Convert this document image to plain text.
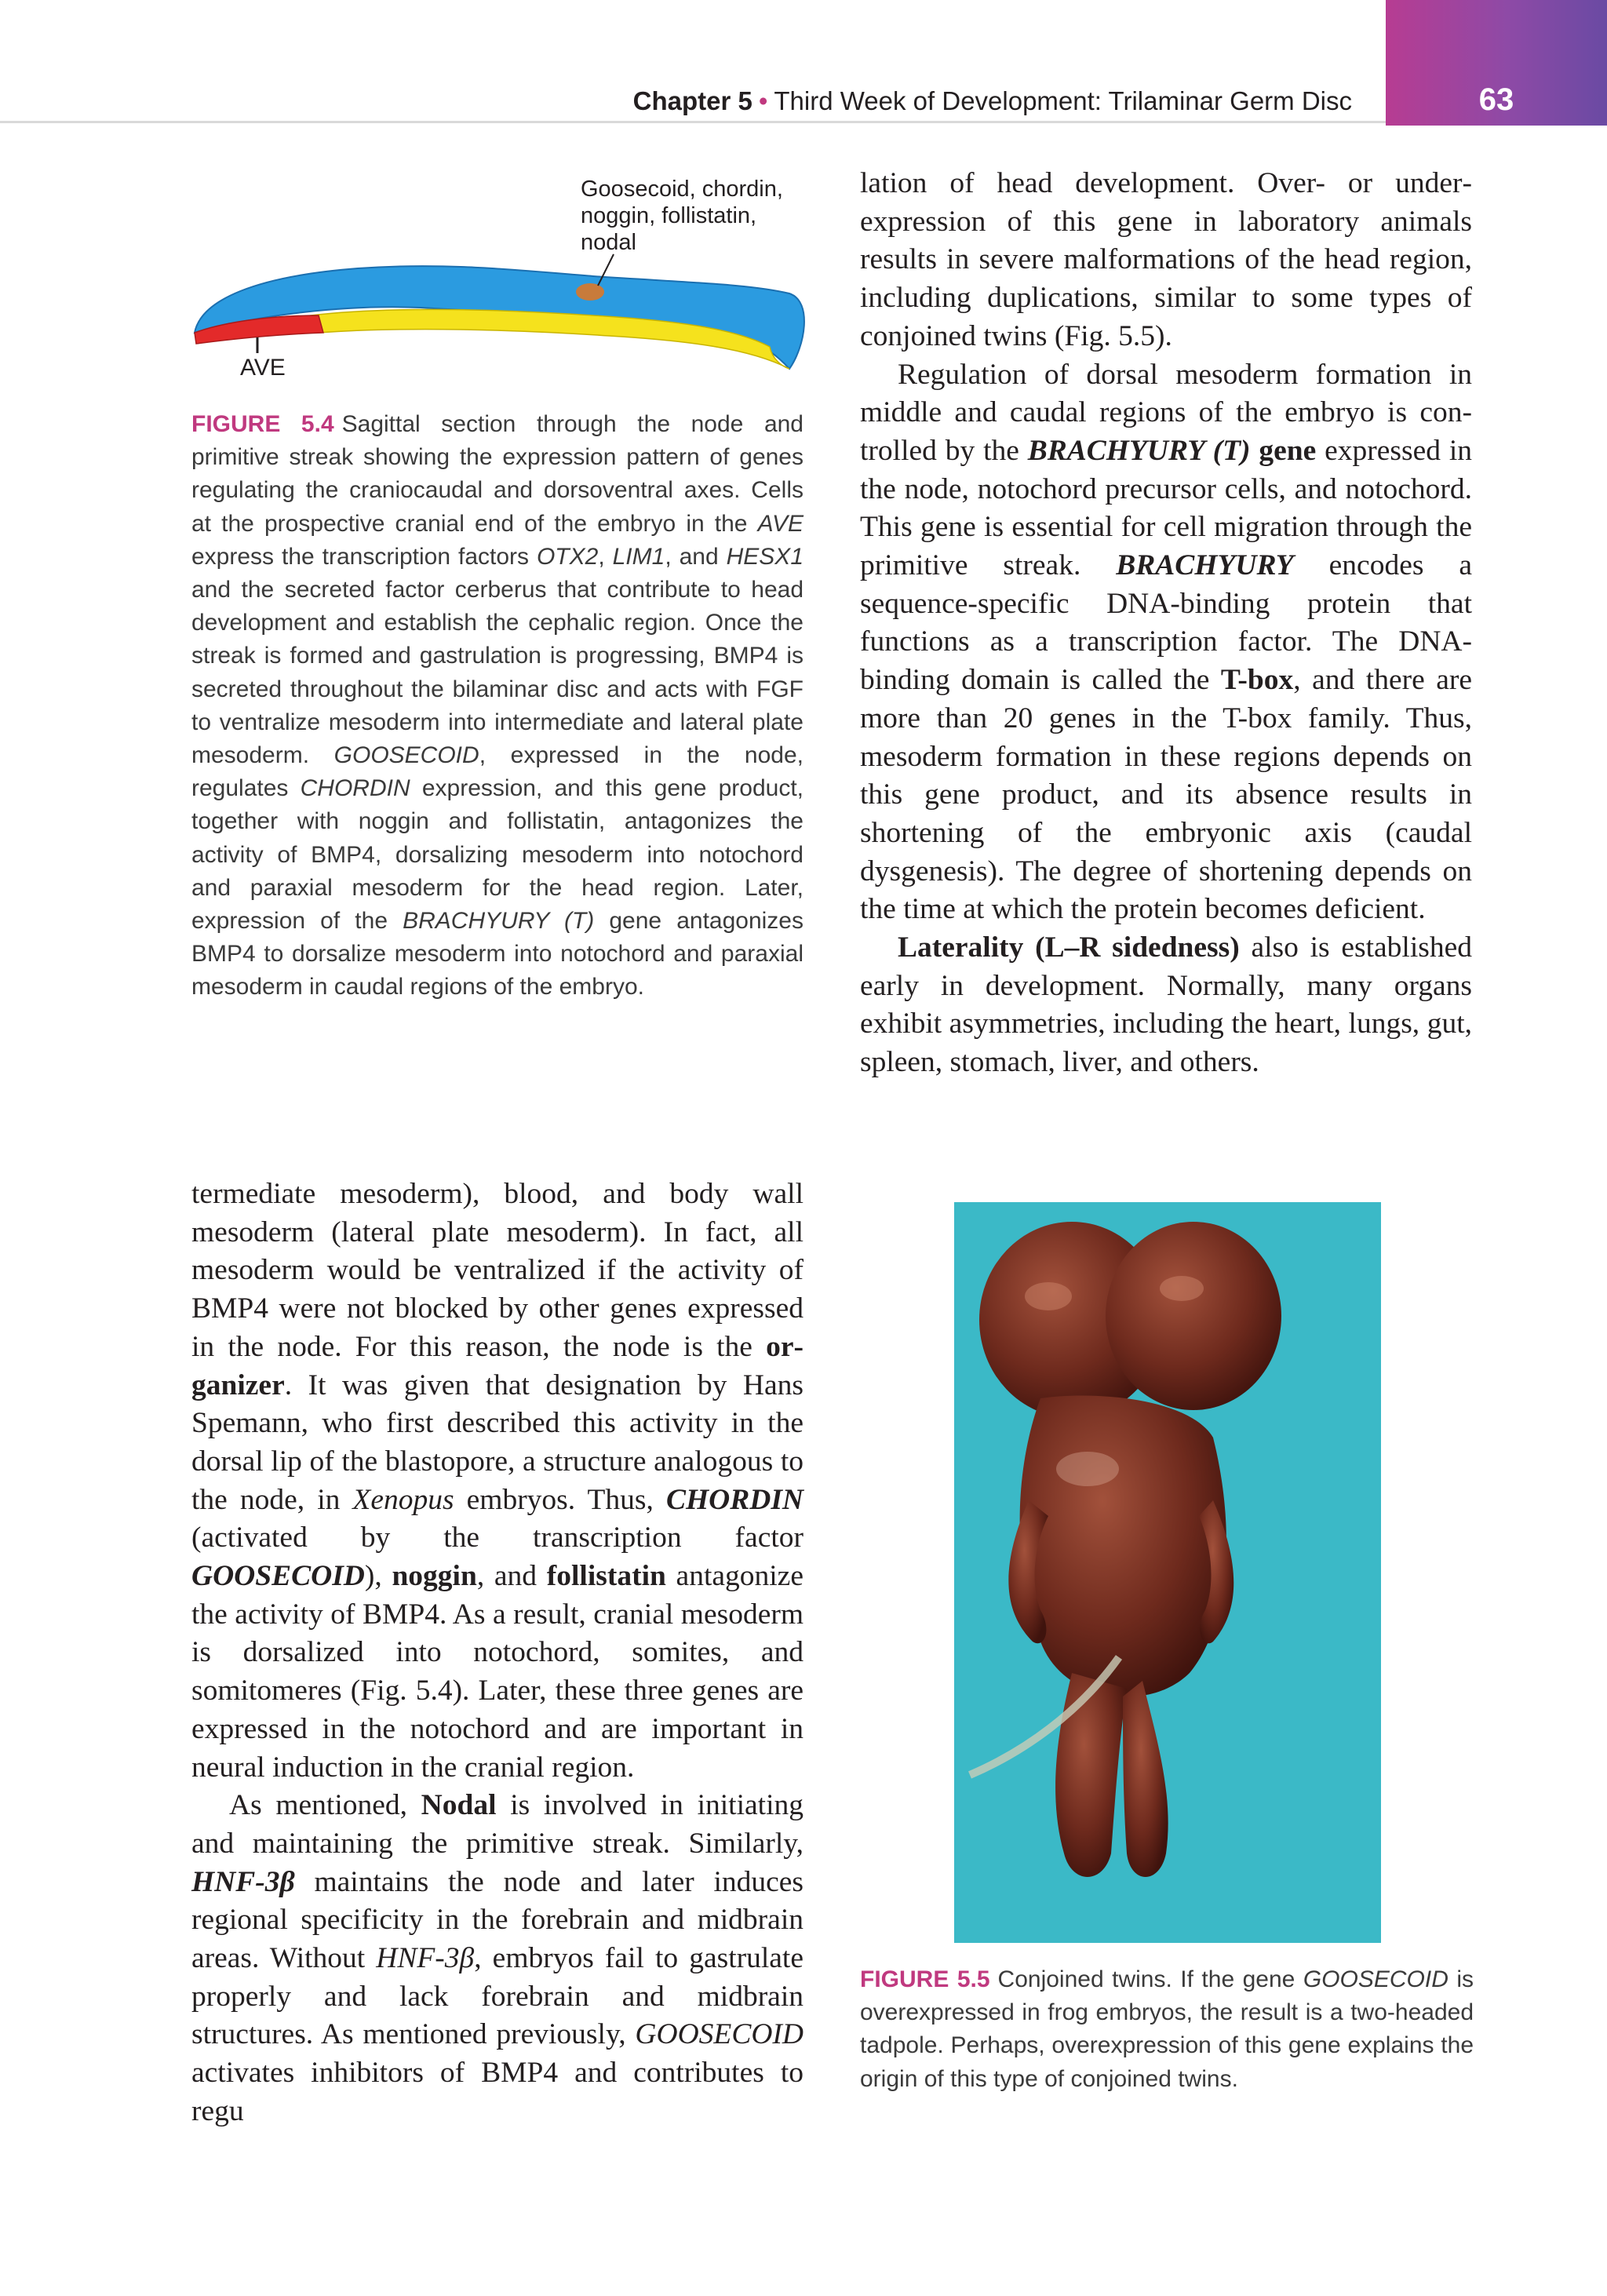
Chapter 5 • Third Week of Development: Trilaminar Germ Disc	63
Goosecoid, chordin, noggin, follistatin, nodal
AVE
FIGURE 5.4 Sagittal section through the node and primitive streak showing the expression pattern of genes regulating the craniocaudal and dorsoventral axes. Cells at the prospective cranial end of the embryo in the AVE express the transcription factors OTX2, LIM1, and HESX1 and the secreted factor cerberus that contribute to head development and establish the cephalic region. Once the streak is formed and gastrulation is progressing, BMP4 is secreted throughout the bilaminar disc and acts with FGF to ventralize mesoderm into intermediate and lateral plate mesoderm. GOOSECOID, expressed in the node, regulates CHORDIN expression, and this gene product, together with noggin and follistatin, antagonizes the activity of BMP4, dorsalizing mesoderm into notochord and paraxial mesoderm for the head region. Later, expression of the BRACHYURY (T) gene antagonizes BMP4 to dorsalize mesoderm into notochord and paraxial mesoderm in caudal regions of the embryo.

lation of head development. Over- or underexpression of this gene in laboratory animals results in severe malformations of the head region, including duplications, similar to some types of conjoined twins (Fig. 5.5).

Regulation of dorsal mesoderm formation in middle and caudal regions of the embryo is controlled by the BRACHYURY (T) gene expressed in the node, notochord precursor cells, and notochord. This gene is essential for cell migration through the primitive streak. BRACHYURY encodes a sequence-specific DNA-binding protein that functions as a transcription factor. The DNA-binding domain is called the T-box, and there are more than 20 genes in the T-box family. Thus, mesoderm formation in these regions depends on this gene product, and its absence results in shortening of the embryonic axis (caudal dysgenesis). The degree of shortening depends on the time at which the protein becomes deficient.

Laterality (L–R sidedness) also is established early in development. Normally, many organs exhibit asymmetries, including the heart, lungs, gut, spleen, stomach, liver, and others.

termediate mesoderm), blood, and body wall mesoderm (lateral plate mesoderm). In fact, all mesoderm would be ventralized if the activity of BMP4 were not blocked by other genes expressed in the node. For this reason, the node is the organizer. It was given that designation by Hans Spemann, who first described this activity in the dorsal lip of the blastopore, a structure analogous to the node, in Xenopus embryos. Thus, CHORDIN (activated by the transcription factor GOOSECOID), noggin, and follistatin antagonize the activity of BMP4. As a result, cranial mesoderm is dorsalized into notochord, somites, and somitomeres (Fig. 5.4). Later, these three genes are expressed in the notochord and are important in neural induction in the cranial region.

As mentioned, Nodal is involved in initiating and maintaining the primitive streak. Similarly, HNF-3β maintains the node and later induces regional specificity in the forebrain and midbrain areas. Without HNF-3β, embryos fail to gastrulate properly and lack forebrain and midbrain structures. As mentioned previously, GOOSECOID activates inhibitors of BMP4 and contributes to regu

FIGURE 5.5 Conjoined twins. If the gene GOOSECOID is overexpressed in frog embryos, the result is a two-headed tadpole. Perhaps, overexpression of this gene explains the origin of this type of conjoined twins.
